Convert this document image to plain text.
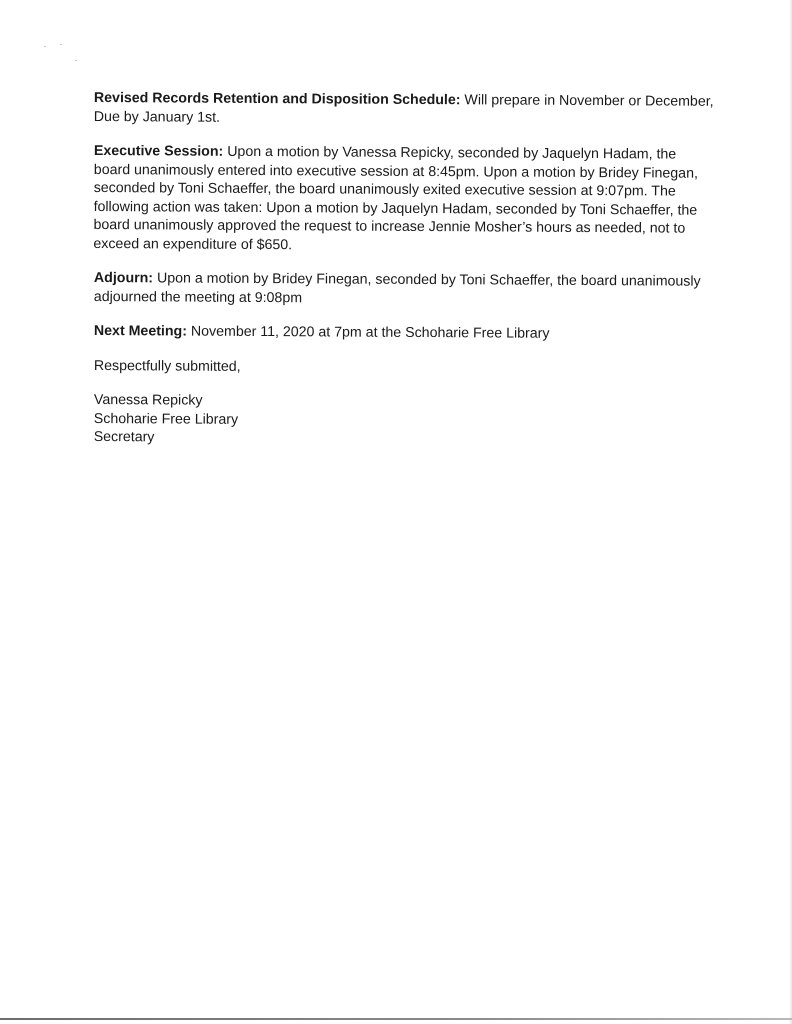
Revised Records Retention and Disposition Schedule: Will prepare in November or December, Due by January 1st.

Executive Session: Upon a motion by Vanessa Repicky, seconded by Jaquelyn Hadam, the board unanimously entered into executive session at 8:45pm. Upon a motion by Bridey Finegan, seconded by Toni Schaeffer, the board unanimously exited executive session at 9:07pm. The following action was taken: Upon a motion by Jaquelyn Hadam, seconded by Toni Schaeffer, the board unanimously approved the request to increase Jennie Mosher’s hours as needed, not to exceed an expenditure of $650.

Adjourn: Upon a motion by Bridey Finegan, seconded by Toni Schaeffer, the board unanimously adjourned the meeting at 9:08pm

Next Meeting: November 11, 2020 at 7pm at the Schoharie Free Library

Respectfully submitted,

Vanessa Repicky
Schoharie Free Library
Secretary
